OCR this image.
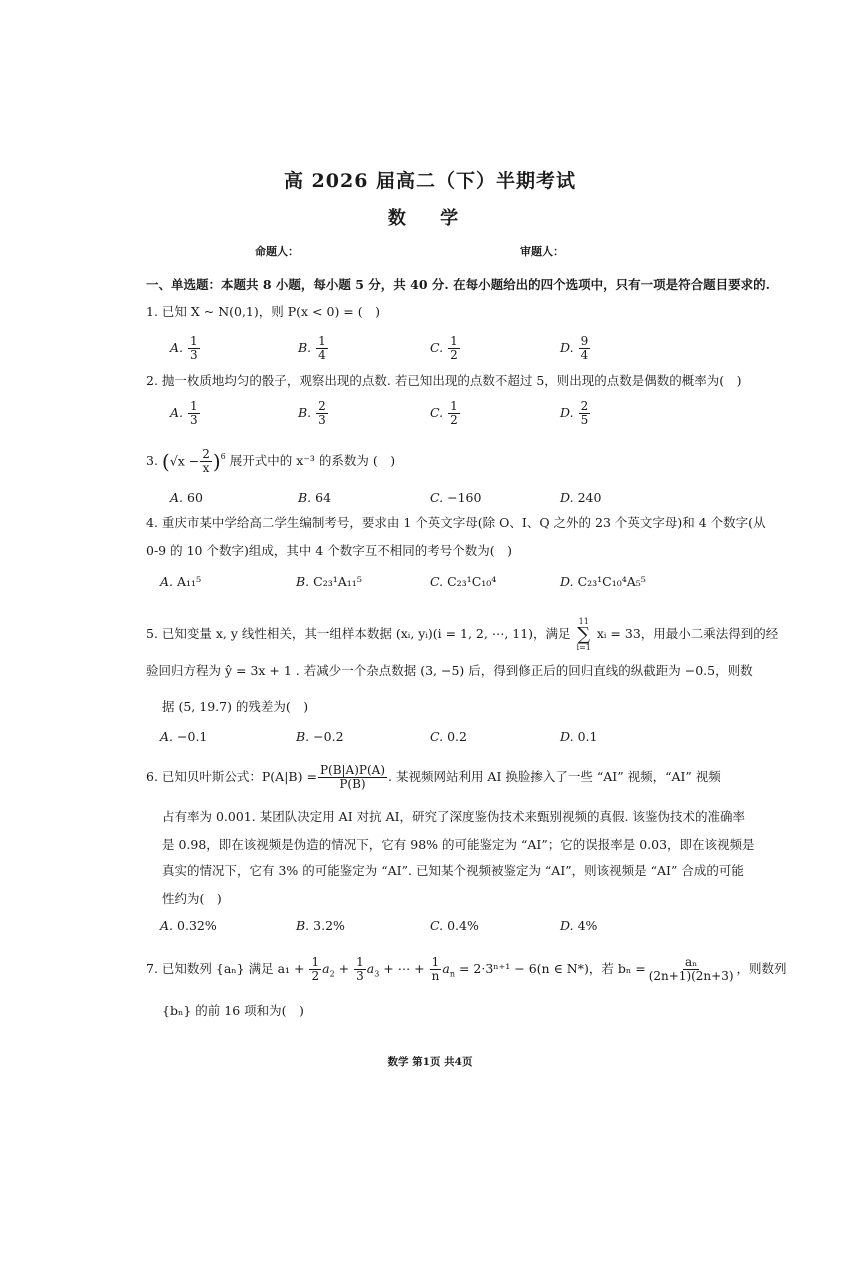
高 2026 届高二（下）半期考试
数 学
命题人：	审题人：
一、单选题：本题共 8 小题，每小题 5 分，共 40 分. 在每小题给出的四个选项中，只有一项是符合题目要求的.
1. 已知 X ~ N(0,1)，则 P(x < 0) = (　)
A. $\frac{1}{3}$	B. $\frac{1}{4}$	C. $\frac{1}{2}$	D. $\frac{9}{4}$
2. 抛一枚质地均匀的骰子，观察出现的点数. 若已知出现的点数不超过 5，则出现的点数是偶数的概率为(　)
A. $\frac{1}{3}$	B. $\frac{2}{3}$	C. $\frac{1}{2}$	D. $\frac{2}{5}$
3. $(√x - \frac{2}{x} )^6$ 展开式中的 x⁻³ 的系数为 (　)
A. 60	B. 64	C. −160	D. 240
4. 重庆市某中学给高二学生编制考号，要求由 1 个英文字母(除 O、I、Q 之外的 23 个英文字母)和 4 个数字(从
0-9 的 10 个数字)组成，其中 4 个数字互不相同的考号个数为(　)
A. A₁₁⁵	B. C₂₃¹A₁₁⁵	C. C₂₃¹C₁₀⁴	D. C₂₃¹C₁₀⁴A₅⁵
5. 已知变量 x, y 线性相关，其一组样本数据 (xᵢ, yᵢ)(i = 1, 2, ⋯, 11)，满足
11
∑
i=1
xᵢ = 33，用最小二乘法得到的经
验回归方程为 ŷ = 3x + 1 . 若减少一个杂点数据 (3, −5) 后，得到修正后的回归直线的纵截距为 −0.5，则数
据 (5, 19.7) 的残差为(　)
A. −0.1	B. −0.2	C. 0.2	D. 0.1
6. 已知贝叶斯公式：$P(A|B) = \frac{P(B|A)P(A)}{P(B)}$ . 某视频网站利用 AI 换脸掺入了一些 “AI” 视频，“AI” 视频
占有率为 0.001. 某团队决定用 AI 对抗 AI，研究了深度鉴伪技术来甄别视频的真假. 该鉴伪技术的准确率
是 0.98，即在该视频是伪造的情况下，它有 98% 的可能鉴定为 “AI”；它的误报率是 0.03，即在该视频是
真实的情况下，它有 3% 的可能鉴定为 “AI”. 已知某个视频被鉴定为 “AI”，则该视频是 “AI” 合成的可能
性约为(　)
A. 0.32%	B. 3.2%	C. 0.4%	D. 4%
7. 已知数列 {aₙ} 满足 $a_1 + \frac{1}{2} a_2 + \frac{1}{3} a_3$ + ⋯ + $\frac{1}{n} a_n = 2\cdot 3^{n+1} - 6(n$ ∈ N*)，若 $b_n = \frac{\text{aₙ}}{(2n+1)(2n+3)}$ ，则数列
{bₙ} 的前 16 项和为(　)
数学 第1页 共4页
